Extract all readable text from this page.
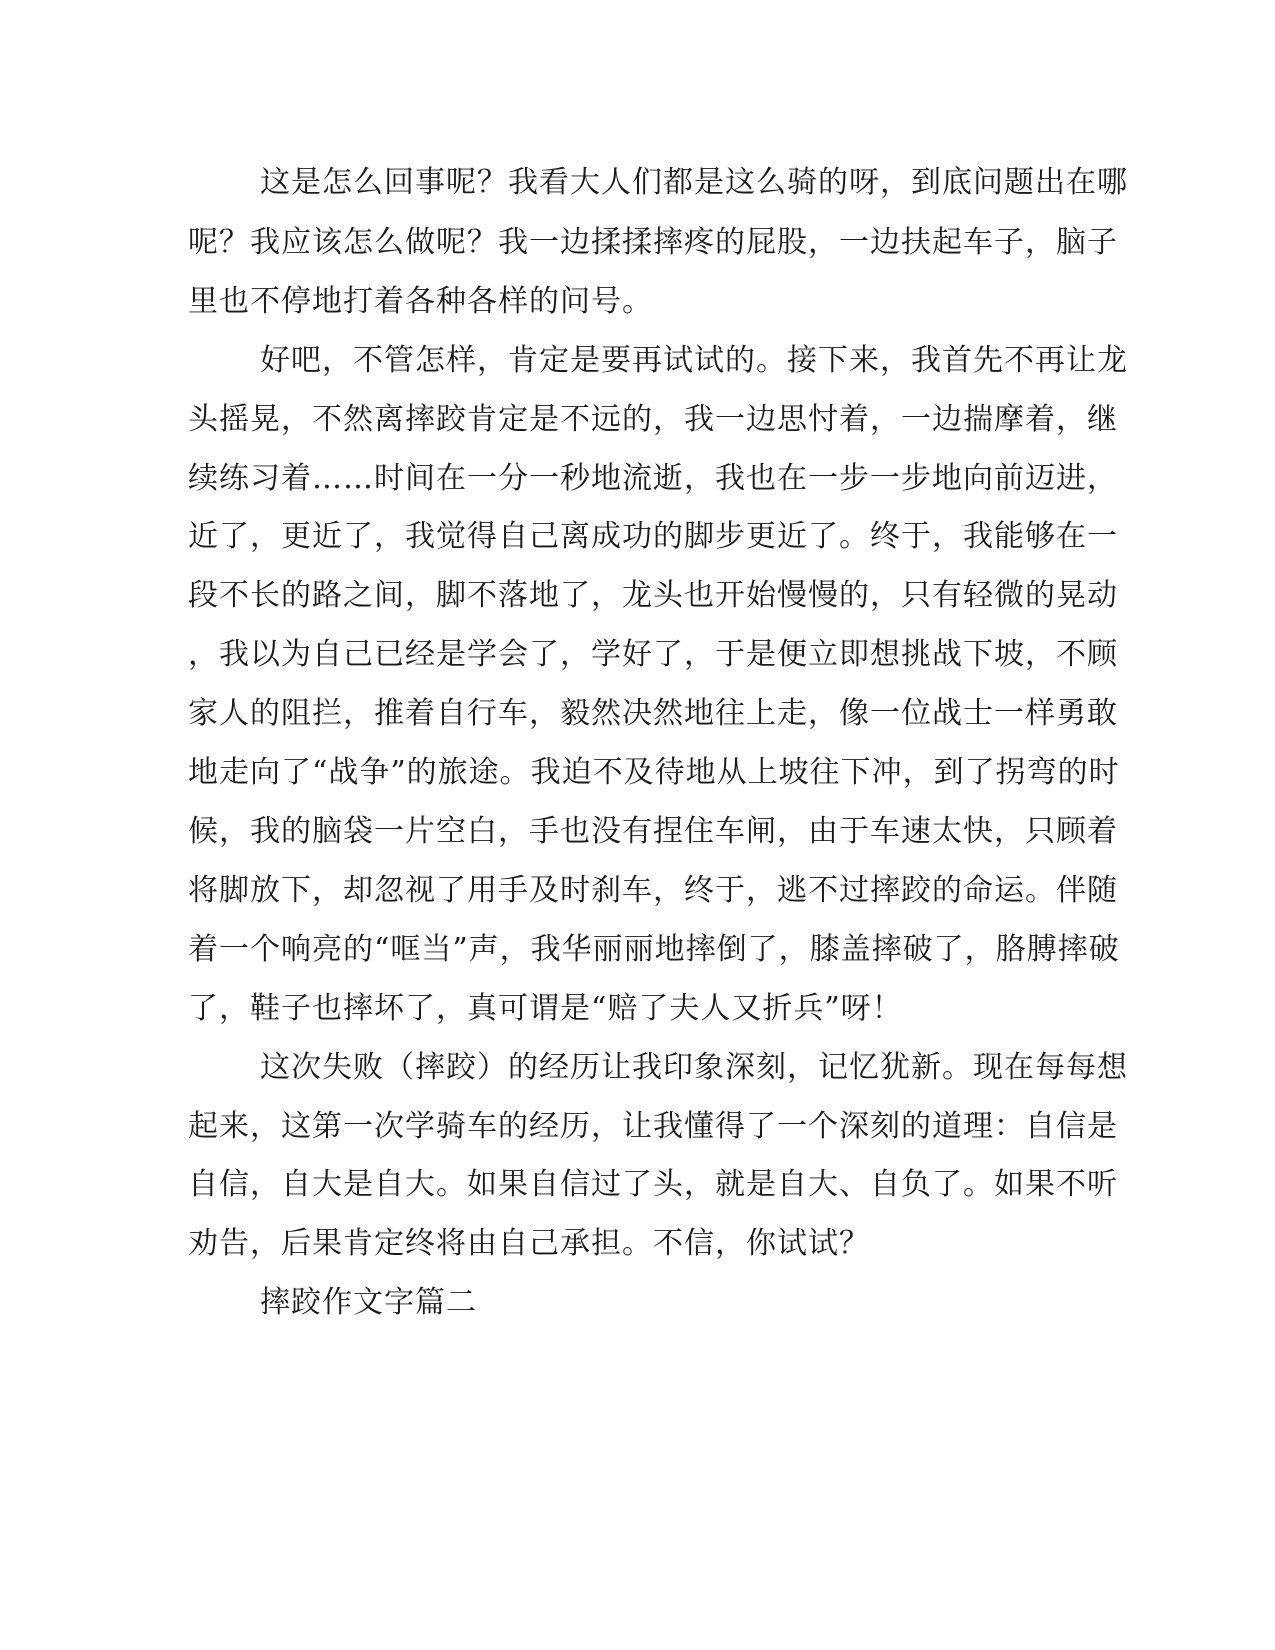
这是怎么回事呢？我看大人们都是这么骑的呀，到底问题出在哪
呢？我应该怎么做呢？我一边揉揉摔疼的屁股，一边扶起车子，脑子
里也不停地打着各种各样的问号。
好吧，不管怎样，肯定是要再试试的。接下来，我首先不再让龙
头摇晃，不然离摔跤肯定是不远的，我一边思忖着，一边揣摩着，继
续练习着……时间在一分一秒地流逝，我也在一步一步地向前迈进，
近了，更近了，我觉得自己离成功的脚步更近了。终于，我能够在一
段不长的路之间，脚不落地了，龙头也开始慢慢的，只有轻微的晃动
，我以为自己已经是学会了，学好了，于是便立即想挑战下坡，不顾
家人的阻拦，推着自行车，毅然决然地往上走，像一位战士一样勇敢
地走向了“战争”的旅途。我迫不及待地从上坡往下冲，到了拐弯的时
候，我的脑袋一片空白，手也没有捏住车闸，由于车速太快，只顾着
将脚放下，却忽视了用手及时刹车，终于，逃不过摔跤的命运。伴随
着一个响亮的“哐当”声，我华丽丽地摔倒了，膝盖摔破了，胳膊摔破
了，鞋子也摔坏了，真可谓是“赔了夫人又折兵”呀！
这次失败（摔跤）的经历让我印象深刻，记忆犹新。现在每每想
起来，这第一次学骑车的经历，让我懂得了一个深刻的道理：自信是
自信，自大是自大。如果自信过了头，就是自大、自负了。如果不听
劝告，后果肯定终将由自己承担。不信，你试试？
摔跤作文字篇二
